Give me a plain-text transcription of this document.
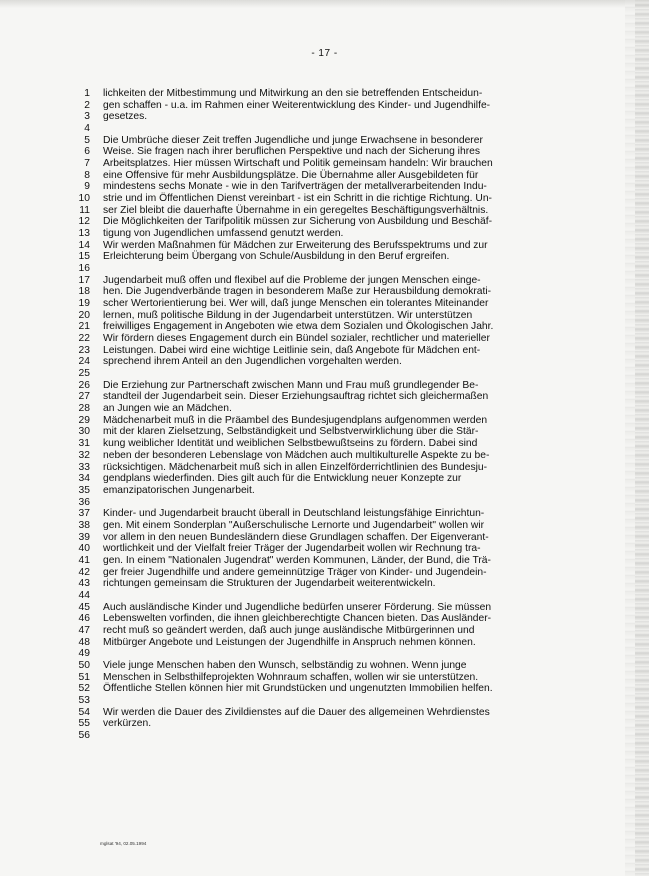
- 17 -
1 lichkeiten der Mitbestimmung und Mitwirkung an den sie betreffenden Entscheidun-
2 gen schaffen - u.a. im Rahmen einer Weiterentwicklung des Kinder- und Jugendhilfe-
3 gesetzes.
4
5 Die Umbrüche dieser Zeit treffen Jugendliche und junge Erwachsene in besonderer
6 Weise. Sie fragen nach ihrer beruflichen Perspektive und nach der Sicherung ihres
7 Arbeitsplatzes. Hier müssen Wirtschaft und Politik gemeinsam handeln: Wir brauchen
8 eine Offensive für mehr Ausbildungsplätze. Die Übernahme aller Ausgebildeten für
9 mindestens sechs Monate - wie in den Tarifverträgen der metallverarbeitenden Indu-
10 strie und im Öffentlichen Dienst vereinbart - ist ein Schritt in die richtige Richtung. Un-
11 ser Ziel bleibt die dauerhafte Übernahme in ein geregeltes Beschäftigungsverhältnis.
12 Die Möglichkeiten der Tarifpolitik müssen zur Sicherung von Ausbildung und Beschäf-
13 tigung von Jugendlichen umfassend genutzt werden.
14 Wir werden Maßnahmen für Mädchen zur Erweiterung des Berufsspektrums und zur
15 Erleichterung beim Übergang von Schule/Ausbildung in den Beruf ergreifen.
16
17 Jugendarbeit muß offen und flexibel auf die Probleme der jungen Menschen einge-
18 hen. Die Jugendverbände tragen in besonderem Maße zur Herausbildung demokrati-
19 scher Wertorientierung bei. Wer will, daß junge Menschen ein tolerantes Miteinander
20 lernen, muß politische Bildung in der Jugendarbeit unterstützen. Wir unterstützen
21 freiwilliges Engagement in Angeboten wie etwa dem Sozialen und Ökologischen Jahr.
22 Wir fördern dieses Engagement durch ein Bündel sozialer, rechtlicher und materieller
23 Leistungen. Dabei wird eine wichtige Leitlinie sein, daß Angebote für Mädchen ent-
24 sprechend ihrem Anteil an den Jugendlichen vorgehalten werden.
25
26 Die Erziehung zur Partnerschaft zwischen Mann und Frau muß grundlegender Be-
27 standteil der Jugendarbeit sein. Dieser Erziehungsauftrag richtet sich gleichermaßen
28 an Jungen wie an Mädchen.
29 Mädchenarbeit muß in die Präambel des Bundesjugendplans aufgenommen werden
30 mit der klaren Zielsetzung, Selbständigkeit und Selbstverwirklichung über die Stär-
31 kung weiblicher Identität und weiblichen Selbstbewußtseins zu fördern. Dabei sind
32 neben der besonderen Lebenslage von Mädchen auch multikulturelle Aspekte zu be-
33 rücksichtigen. Mädchenarbeit muß sich in allen Einzelförderrichtlinien des Bundesju-
34 gendplans wiederfinden. Dies gilt auch für die Entwicklung neuer Konzepte zur
35 emanzipatorischen Jungenarbeit.
36
37 Kinder- und Jugendarbeit braucht überall in Deutschland leistungsfähige Einrichtun-
38 gen. Mit einem Sonderplan "Außerschulische Lernorte und Jugendarbeit" wollen wir
39 vor allem in den neuen Bundesländern diese Grundlagen schaffen. Der Eigenverant-
40 wortlichkeit und der Vielfalt freier Träger der Jugendarbeit wollen wir Rechnung tra-
41 gen. In einem "Nationalen Jugendrat" werden Kommunen, Länder, der Bund, die Trä-
42 ger freier Jugendhilfe und andere gemeinnützige Träger von Kinder- und Jugendein-
43 richtungen gemeinsam die Strukturen der Jugendarbeit weiterentwickeln.
44
45 Auch ausländische Kinder und Jugendliche bedürfen unserer Förderung. Sie müssen
46 Lebenswelten vorfinden, die ihnen gleichberechtigte Chancen bieten. Das Ausländer-
47 recht muß so geändert werden, daß auch junge ausländische Mitbürgerinnen und
48 Mitbürger Angebote und Leistungen der Jugendhilfe in Anspruch nehmen können.
49
50 Viele junge Menschen haben den Wunsch, selbständig zu wohnen. Wenn junge
51 Menschen in Selbsthilfeprojekten Wohnraum schaffen, wollen wir sie unterstützen.
52 Öffentliche Stellen können hier mit Grundstücken und ungenutzten Immobilien helfen.
53
54 Wir werden die Dauer des Zivildienstes auf die Dauer des allgemeinen Wehrdienstes
55 verkürzen.
56
mglsat '94, 02.05.1994
